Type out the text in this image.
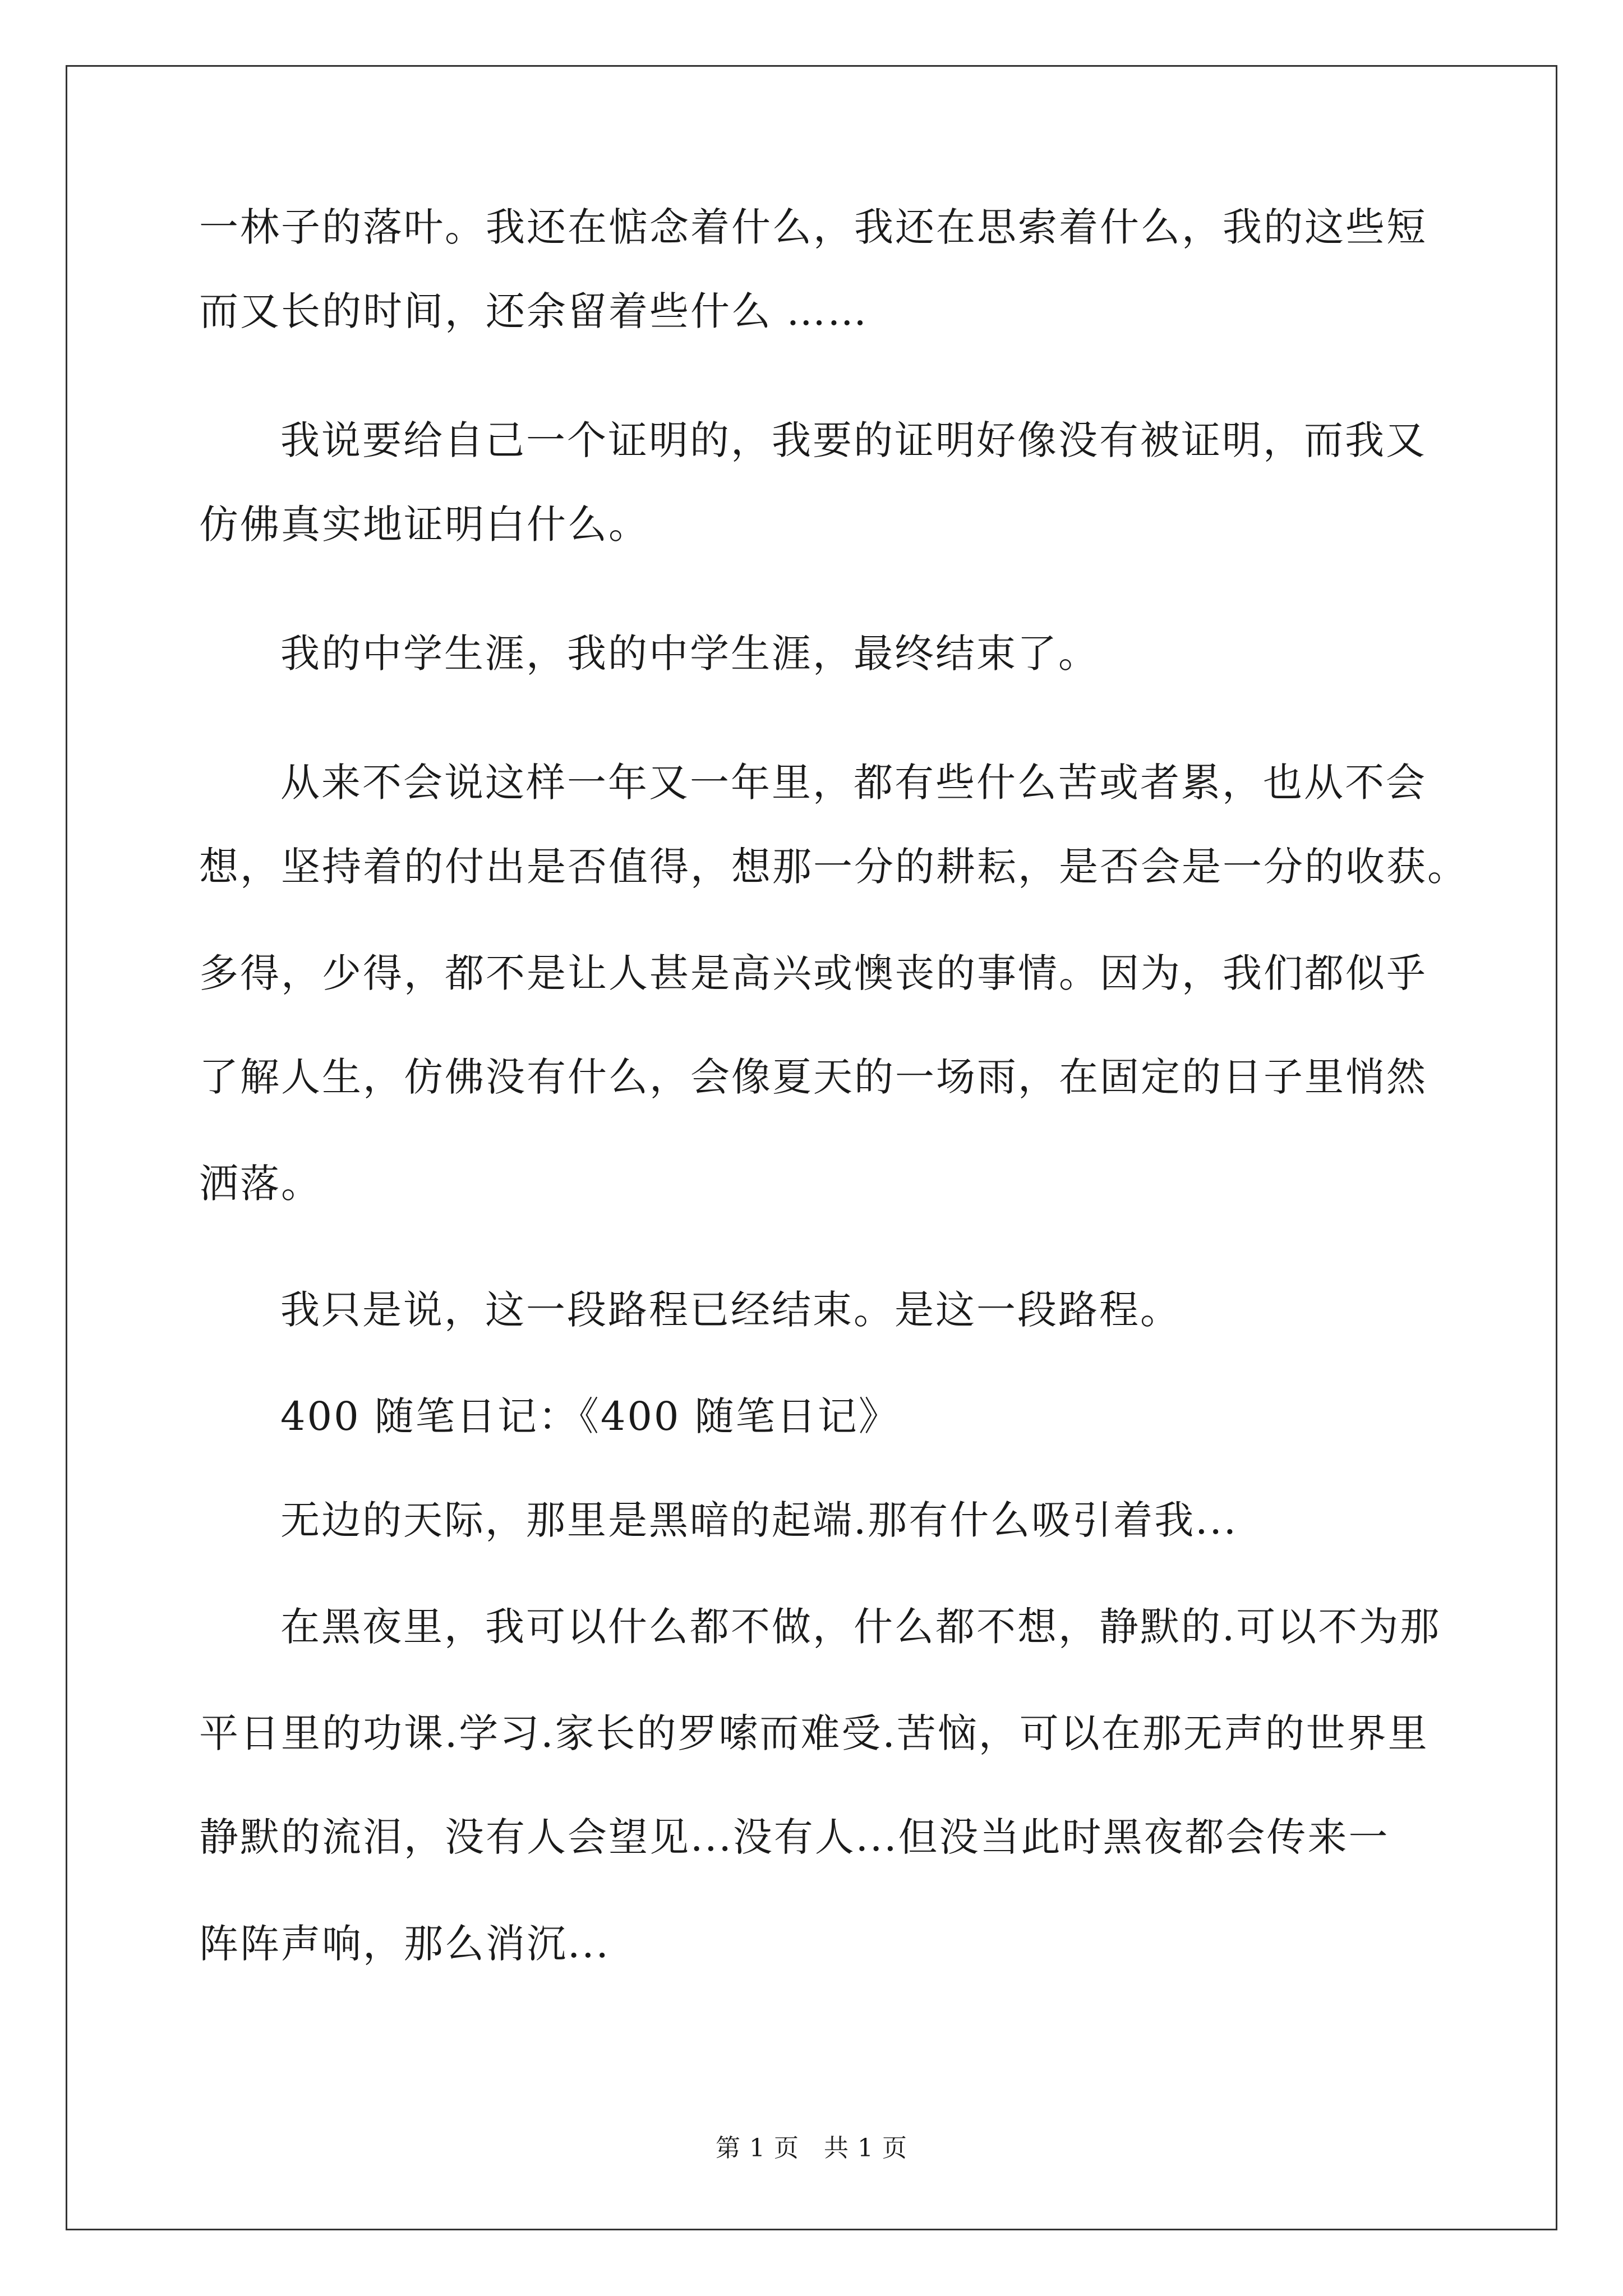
一林子的落叶。我还在惦念着什么，我还在思索着什么，我的这些短
而又长的时间，还余留着些什么 ……
我说要给自己一个证明的，我要的证明好像没有被证明，而我又
仿佛真实地证明白什么。
我的中学生涯，我的中学生涯，最终结束了。
从来不会说这样一年又一年里，都有些什么苦或者累，也从不会
想，坚持着的付出是否值得，想那一分的耕耘，是否会是一分的收获。
多得，少得，都不是让人甚是高兴或懊丧的事情。因为，我们都似乎
了解人生，仿佛没有什么，会像夏天的一场雨，在固定的日子里悄然
洒落。
我只是说，这一段路程已经结束。是这一段路程。
400 随笔日记：《400 随笔日记》
无边的天际，那里是黑暗的起端.那有什么吸引着我...
在黑夜里，我可以什么都不做，什么都不想，静默的.可以不为那
平日里的功课.学习.家长的罗嗦而难受.苦恼，可以在那无声的世界里
静默的流泪，没有人会望见...没有人...但没当此时黑夜都会传来一
阵阵声响，那么消沉...
第 1 页 共 1 页
